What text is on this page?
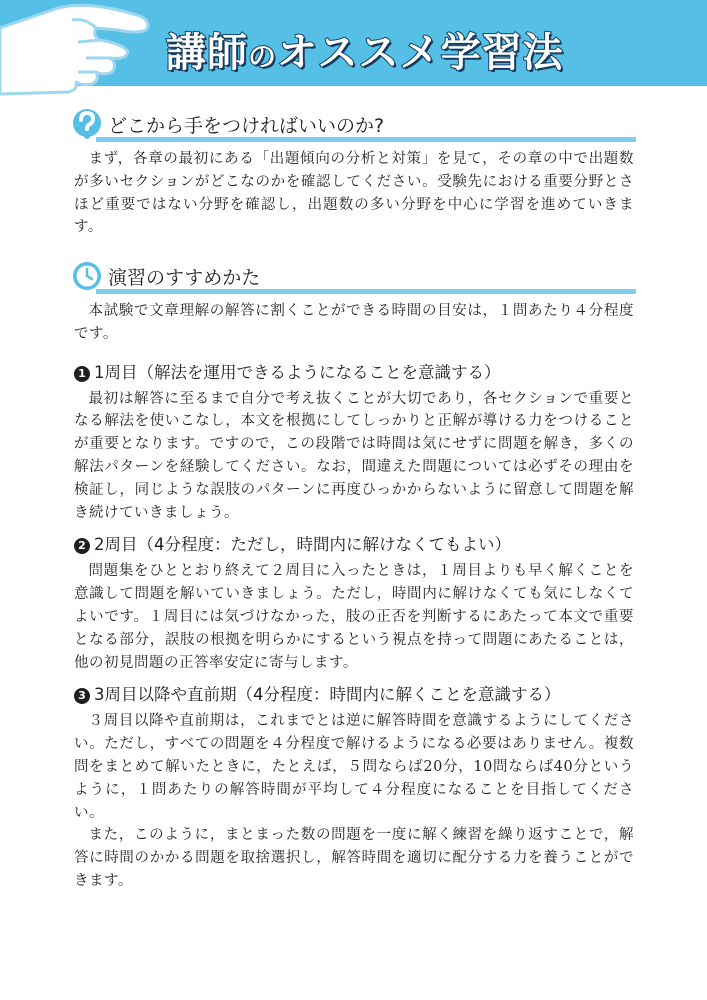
講師のオススメ学習法
どこから手をつければいいのか?

まず，各章の最初にある「出題傾向の分析と対策」を見て，その章の中で出題数が多いセクションがどこなのかを確認してください。受験先における重要分野とさほど重要ではない分野を確認し，出題数の多い分野を中心に学習を進めていきます。

演習のすすめかた

本試験で文章理解の解答に割くことができる時間の目安は，１問あたり４分程度です。

1 1周目（解法を運用できるようになることを意識する）

最初は解答に至るまで自分で考え抜くことが大切であり，各セクションで重要となる解法を使いこなし，本文を根拠にしてしっかりと正解が導ける力をつけることが重要となります。ですので，この段階では時間は気にせずに問題を解き，多くの解法パターンを経験してください。なお，間違えた問題については必ずその理由を検証し，同じような誤肢のパターンに再度ひっかからないように留意して問題を解き続けていきましょう。

2 2周目（4分程度：ただし，時間内に解けなくてもよい）

問題集をひととおり終えて２周目に入ったときは，１周目よりも早く解くことを意識して問題を解いていきましょう。ただし，時間内に解けなくても気にしなくてよいです。１周目には気づけなかった，肢の正否を判断するにあたって本文で重要となる部分，誤肢の根拠を明らかにするという視点を持って問題にあたることは，他の初見問題の正答率安定に寄与します。

3 3周目以降や直前期（4分程度：時間内に解くことを意識する）

３周目以降や直前期は，これまでとは逆に解答時間を意識するようにしてください。ただし，すべての問題を４分程度で解けるようになる必要はありません。複数問をまとめて解いたときに，たとえば，５問ならば20分，10問ならば40分というように，１問あたりの解答時間が平均して４分程度になることを目指してください。

また，このように，まとまった数の問題を一度に解く練習を繰り返すことで，解答に時間のかかる問題を取捨選択し，解答時間を適切に配分する力を養うことができます。
